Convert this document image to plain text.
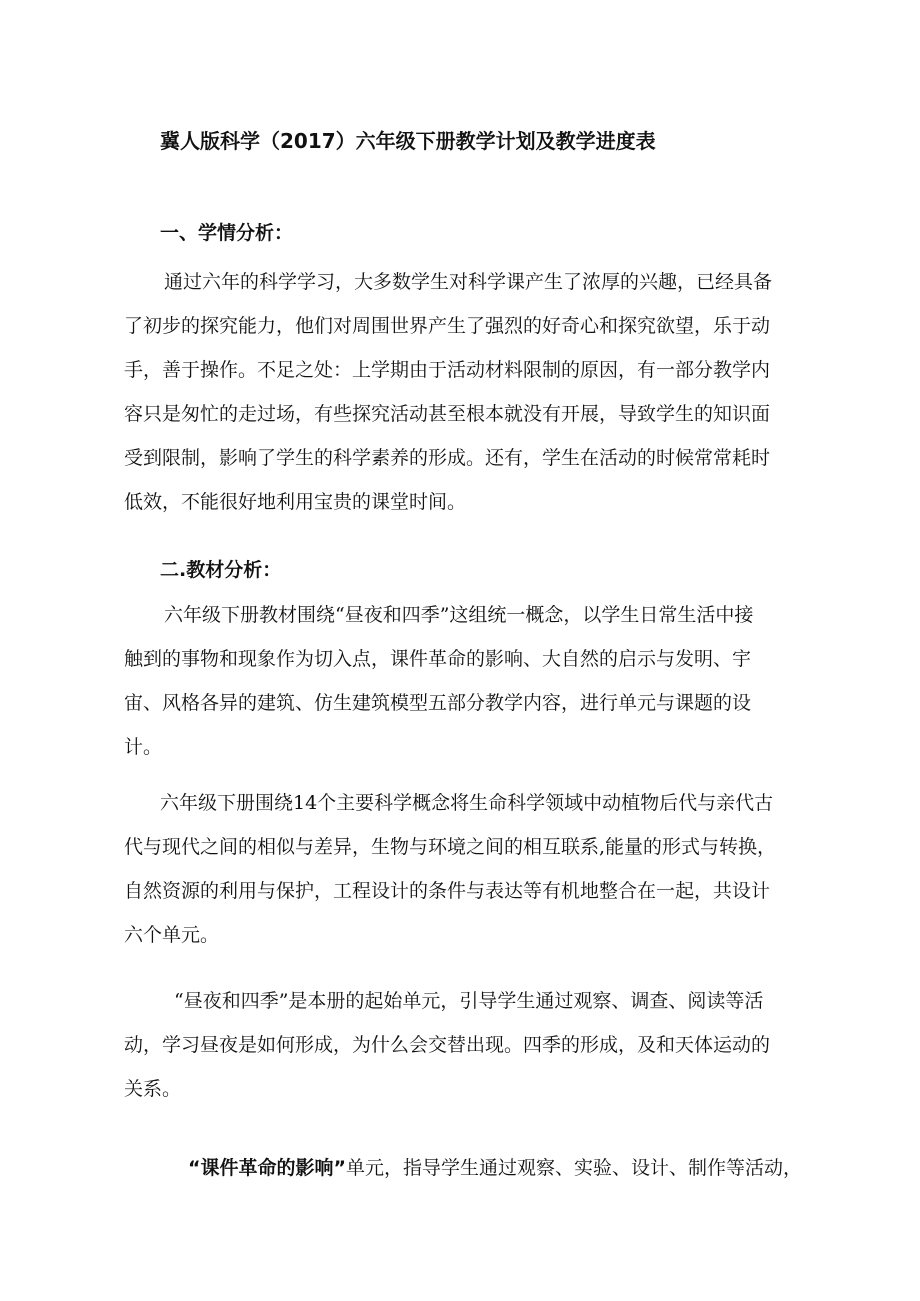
冀人版科学（2017）六年级下册教学计划及教学进度表
一、学情分析：
通过六年的科学学习，大多数学生对科学课产生了浓厚的兴趣，已经具备
了初步的探究能力，他们对周围世界产生了强烈的好奇心和探究欲望，乐于动
手，善于操作。不足之处：上学期由于活动材料限制的原因，有一部分教学内
容只是匆忙的走过场，有些探究活动甚至根本就没有开展，导致学生的知识面
受到限制，影响了学生的科学素养的形成。还有，学生在活动的时候常常耗时
低效，不能很好地利用宝贵的课堂时间。
二.教材分析：
六年级下册教材围绕“昼夜和四季”这组统一概念，以学生日常生活中接
触到的事物和现象作为切入点，课件革命的影响、大自然的启示与发明、宇
宙、风格各异的建筑、仿生建筑模型五部分教学内容，进行单元与课题的设
计。
六年级下册围绕14个主要科学概念将生命科学领域中动植物后代与亲代古
代与现代之间的相似与差异，生物与环境之间的相互联系,能量的形式与转换，
自然资源的利用与保护，工程设计的条件与表达等有机地整合在一起，共设计
六个单元。
“昼夜和四季”是本册的起始单元，引导学生通过观察、调查、阅读等活
动，学习昼夜是如何形成，为什么会交替出现。四季的形成，及和天体运动的
关系。
“课件革命的影响”单元，指导学生通过观察、实验、设计、制作等活动，
